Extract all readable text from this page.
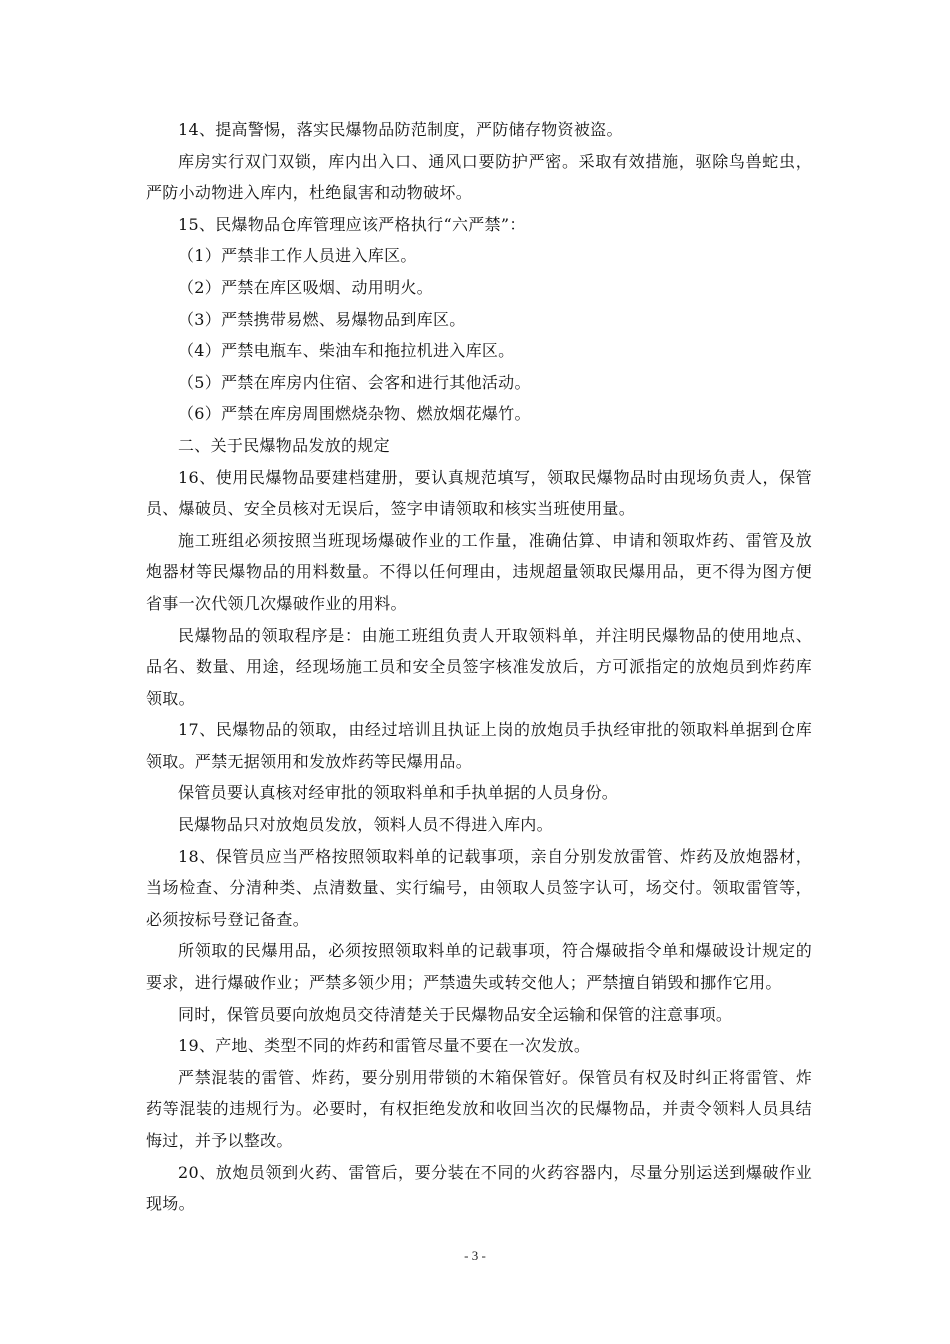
14、提高警惕，落实民爆物品防范制度，严防储存物资被盗。

库房实行双门双锁，库内出入口、通风口要防护严密。采取有效措施，驱除鸟兽蛇虫，严防小动物进入库内，杜绝鼠害和动物破坏。

15、民爆物品仓库管理应该严格执行“六严禁”：

（1）严禁非工作人员进入库区。

（2）严禁在库区吸烟、动用明火。

（3）严禁携带易燃、易爆物品到库区。

（4）严禁电瓶车、柴油车和拖拉机进入库区。

（5）严禁在库房内住宿、会客和进行其他活动。

（6）严禁在库房周围燃烧杂物、燃放烟花爆竹。

二、关于民爆物品发放的规定

16、使用民爆物品要建档建册，要认真规范填写，领取民爆物品时由现场负责人，保管员、爆破员、安全员核对无误后，签字申请领取和核实当班使用量。

施工班组必须按照当班现场爆破作业的工作量，准确估算、申请和领取炸药、雷管及放炮器材等民爆物品的用料数量。不得以任何理由，违规超量领取民爆用品，更不得为图方便省事一次代领几次爆破作业的用料。

民爆物品的领取程序是：由施工班组负责人开取领料单，并注明民爆物品的使用地点、品名、数量、用途，经现场施工员和安全员签字核准发放后，方可派指定的放炮员到炸药库领取。

17、民爆物品的领取，由经过培训且执证上岗的放炮员手执经审批的领取料单据到仓库领取。严禁无据领用和发放炸药等民爆用品。

保管员要认真核对经审批的领取料单和手执单据的人员身份。

民爆物品只对放炮员发放，领料人员不得进入库内。

18、保管员应当严格按照领取料单的记载事项，亲自分别发放雷管、炸药及放炮器材，当场检查、分清种类、点清数量、实行编号，由领取人员签字认可，场交付。领取雷管等，必须按标号登记备查。

所领取的民爆用品，必须按照领取料单的记载事项，符合爆破指令单和爆破设计规定的要求，进行爆破作业；严禁多领少用；严禁遗失或转交他人；严禁擅自销毁和挪作它用。

同时，保管员要向放炮员交待清楚关于民爆物品安全运输和保管的注意事项。

19、产地、类型不同的炸药和雷管尽量不要在一次发放。

严禁混装的雷管、炸药，要分别用带锁的木箱保管好。保管员有权及时纠正将雷管、炸药等混装的违规行为。必要时，有权拒绝发放和收回当次的民爆物品，并责令领料人员具结悔过，并予以整改。

20、放炮员领到火药、雷管后，要分装在不同的火药容器内，尽量分别运送到爆破作业现场。

- 3 -
